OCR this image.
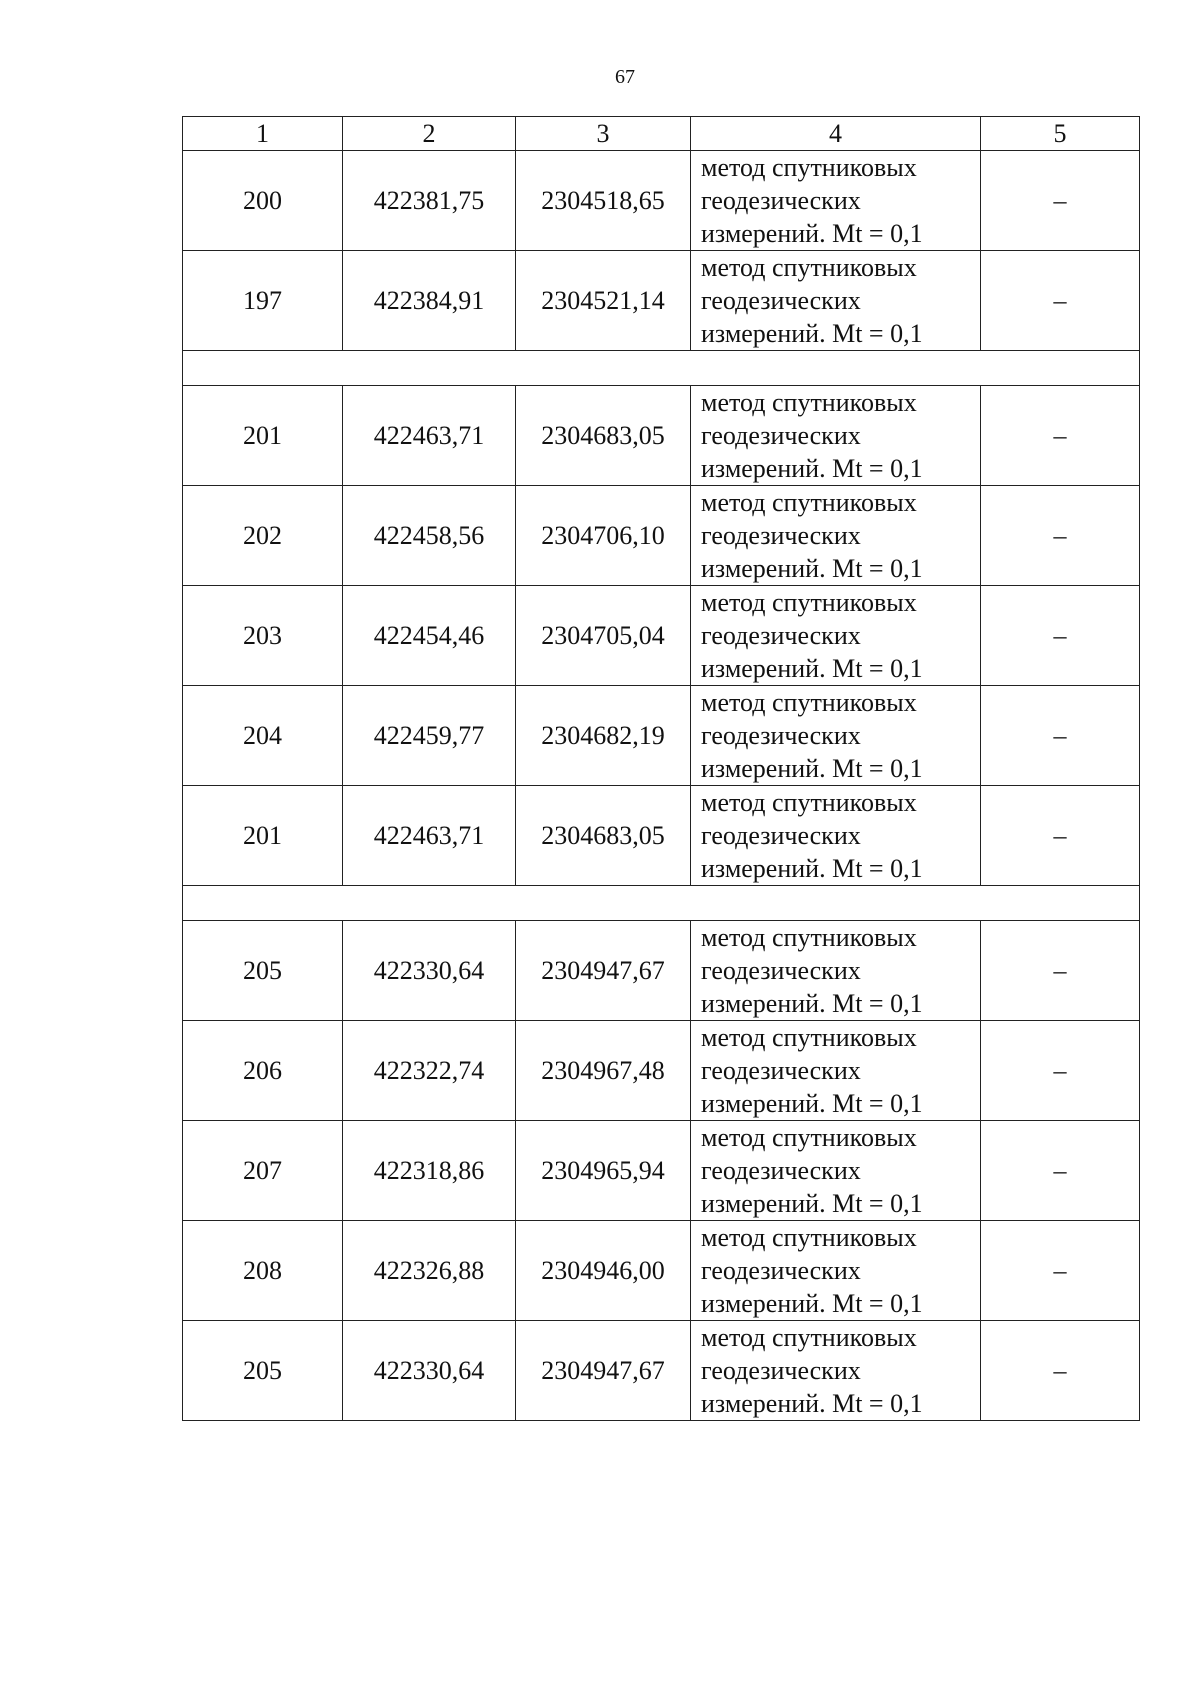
67
1	2	3	4	5
200	422381,75	2304518,65	метод спутниковых
геодезических
измерений. Mt = 0,1	–
197	422384,91	2304521,14	метод спутниковых
геодезических
измерений. Mt = 0,1	–

201	422463,71	2304683,05	метод спутниковых
геодезических
измерений. Mt = 0,1	–
202	422458,56	2304706,10	метод спутниковых
геодезических
измерений. Mt = 0,1	–
203	422454,46	2304705,04	метод спутниковых
геодезических
измерений. Mt = 0,1	–
204	422459,77	2304682,19	метод спутниковых
геодезических
измерений. Mt = 0,1	–
201	422463,71	2304683,05	метод спутниковых
геодезических
измерений. Mt = 0,1	–

205	422330,64	2304947,67	метод спутниковых
геодезических
измерений. Mt = 0,1	–
206	422322,74	2304967,48	метод спутниковых
геодезических
измерений. Mt = 0,1	–
207	422318,86	2304965,94	метод спутниковых
геодезических
измерений. Mt = 0,1	–
208	422326,88	2304946,00	метод спутниковых
геодезических
измерений. Mt = 0,1	–
205	422330,64	2304947,67	метод спутниковых
геодезических
измерений. Mt = 0,1	–
